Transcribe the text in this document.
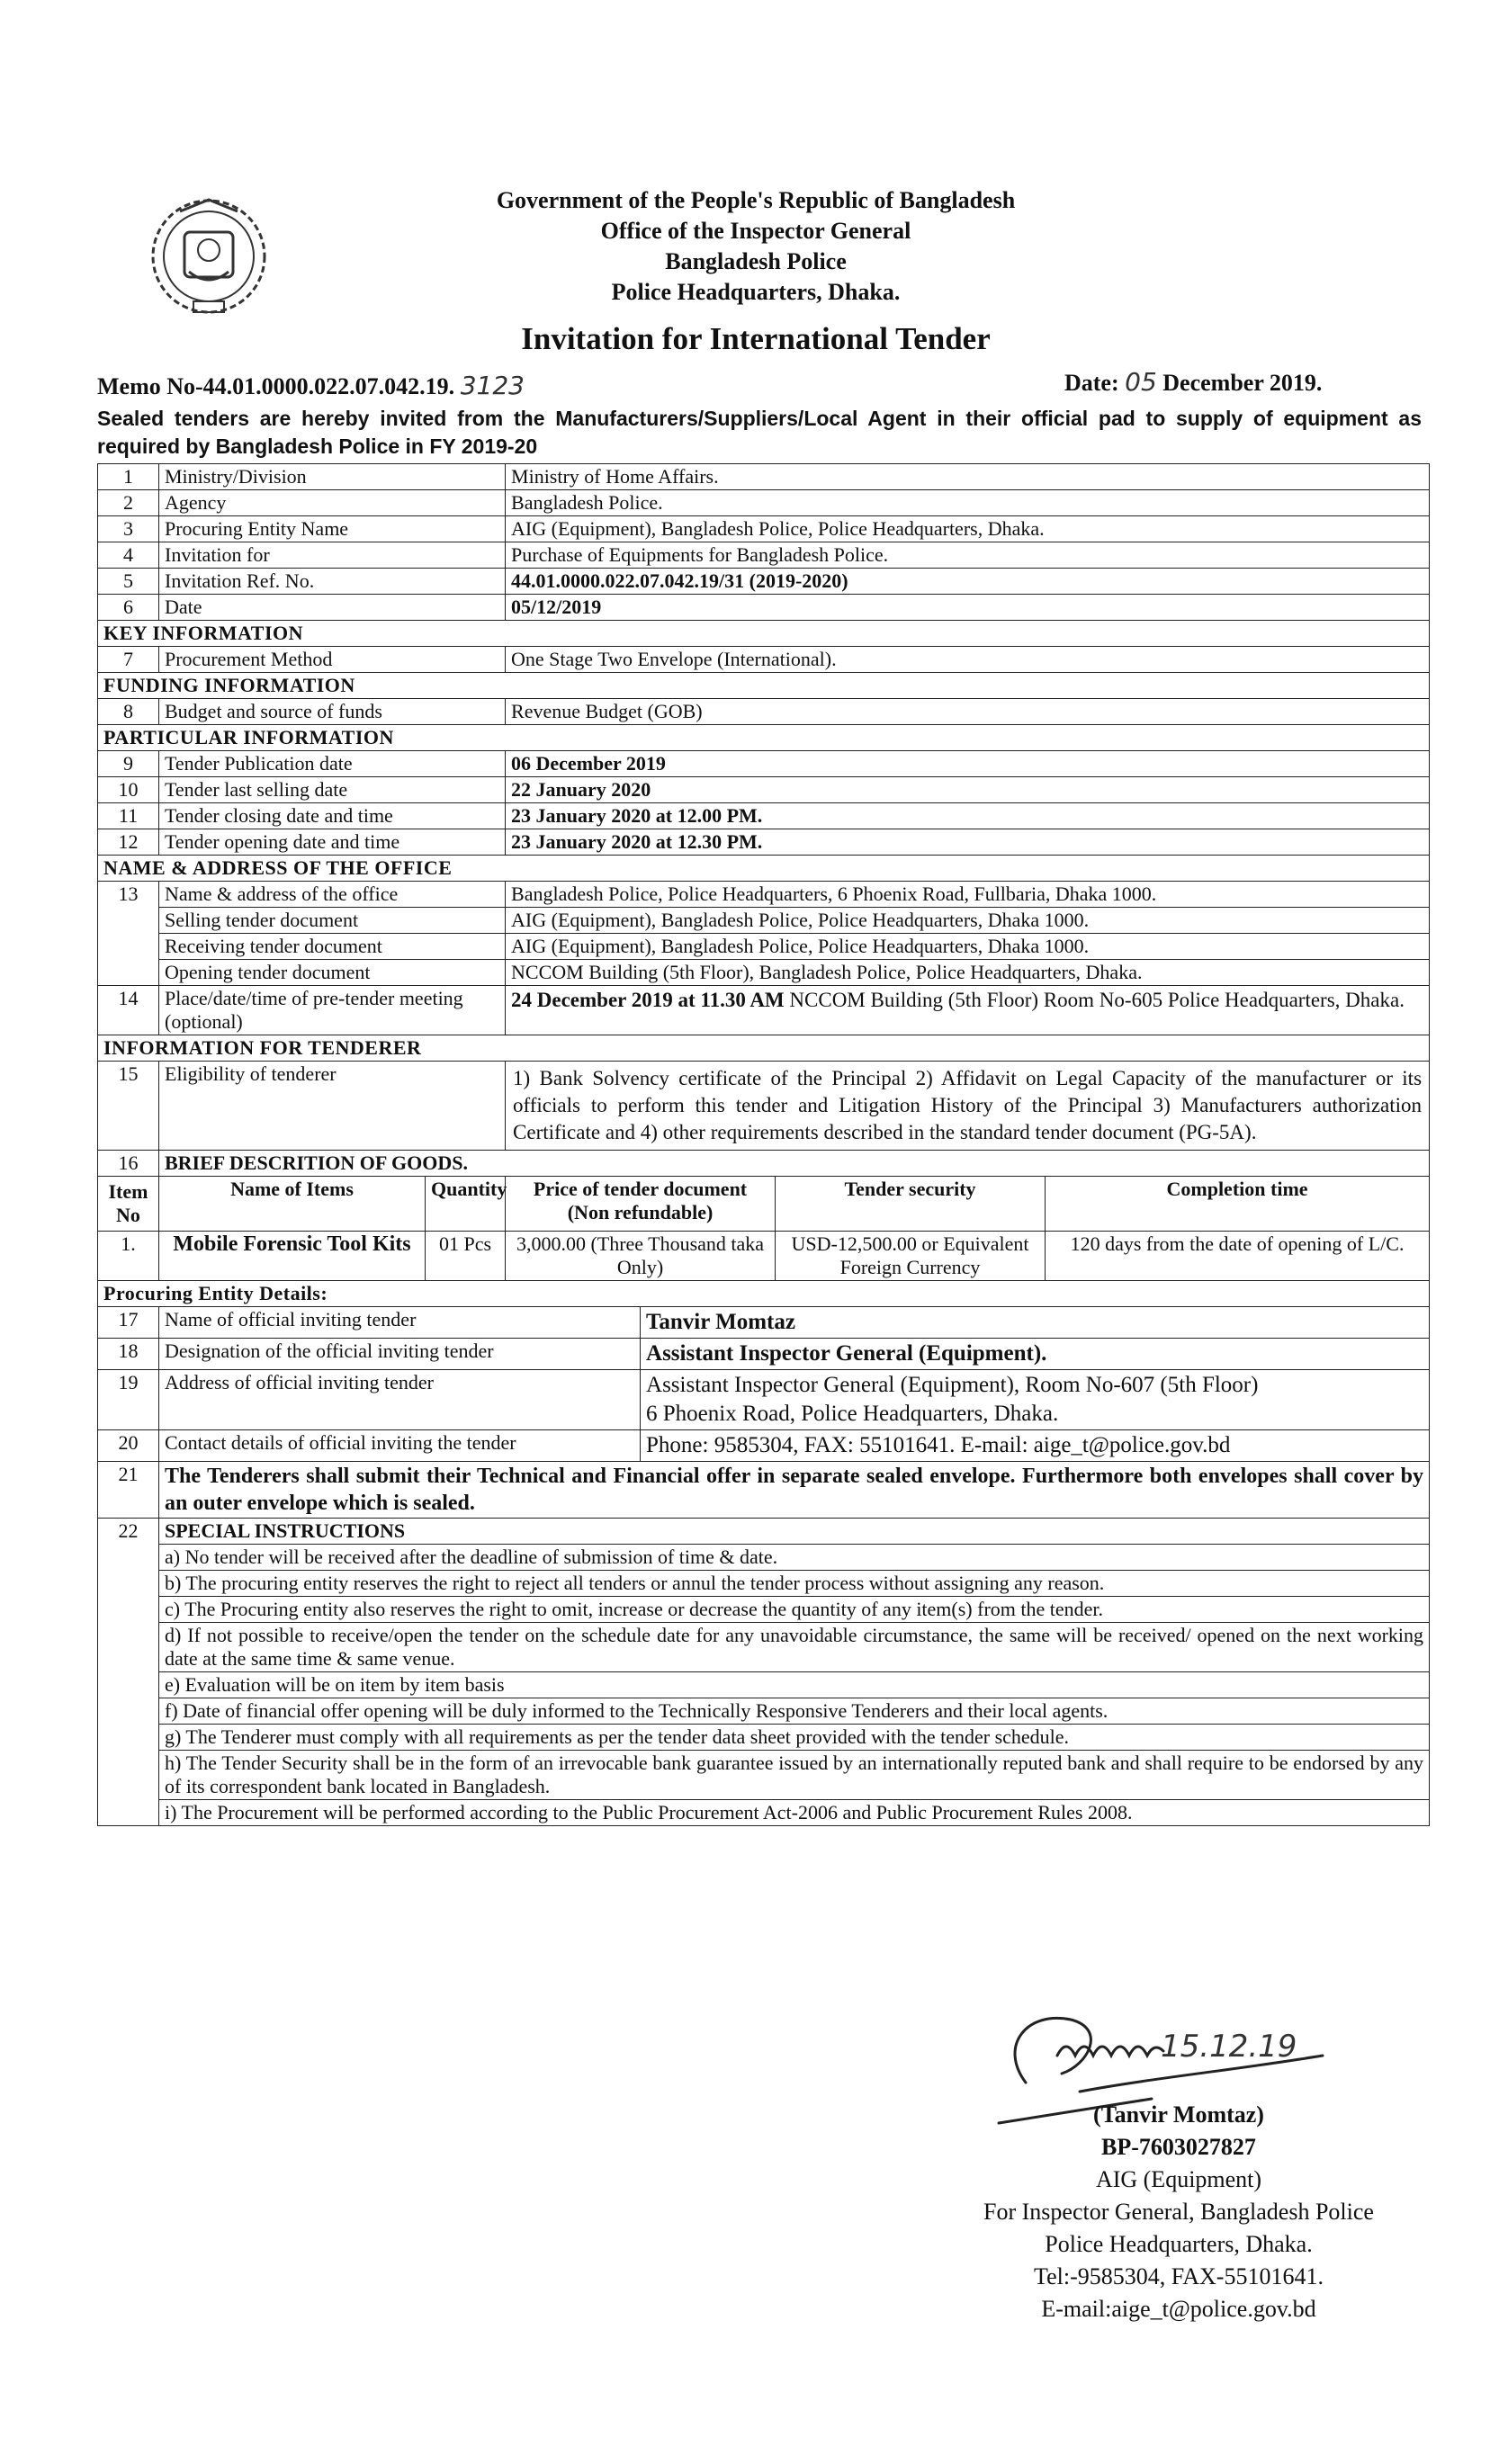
Government of the People's Republic of Bangladesh
Office of the Inspector General
Bangladesh Police
Police Headquarters, Dhaka.
Invitation for International Tender
Memo No-44.01.0000.022.07.042.19. 3123	Date: 05 December 2019.
Sealed tenders are hereby invited from the Manufacturers/Suppliers/Local Agent in their official pad to supply of equipment as required by Bangladesh Police in FY 2019-20
1	Ministry/Division		Ministry of Home Affairs.			
2	Agency		Bangladesh Police.			
3	Procuring Entity Name		AIG (Equipment), Bangladesh Police, Police Headquarters, Dhaka.			
4	Invitation for		Purchase of Equipments for Bangladesh Police.			
5	Invitation Ref. No.		44.01.0000.022.07.042.19/31 (2019-2020)			
6	Date		05/12/2019			
KEY INFORMATION						
7	Procurement Method		One Stage Two Envelope (International).			
FUNDING INFORMATION						
8	Budget and source of funds		Revenue Budget (GOB)			
PARTICULAR INFORMATION						
9	Tender Publication date		06 December 2019			
10	Tender last selling date		22 January 2020			
11	Tender closing date and time		23 January 2020 at 12.00 PM.			
12	Tender opening date and time		23 January 2020 at 12.30 PM.			
NAME & ADDRESS OF THE OFFICE						
13	Name & address of the office		Bangladesh Police, Police Headquarters, 6 Phoenix Road, Fullbaria, Dhaka 1000.			
	Selling tender document		AIG (Equipment), Bangladesh Police, Police Headquarters, Dhaka 1000.			
	Receiving tender document		AIG (Equipment), Bangladesh Police, Police Headquarters, Dhaka 1000.			
	Opening tender document		NCCOM Building (5th Floor), Bangladesh Police, Police Headquarters, Dhaka.			
14	Place/date/time of pre-tender meeting (optional)		24 December 2019 at 11.30 AM NCCOM Building (5th Floor) Room No-605 Police Headquarters, Dhaka.			
INFORMATION FOR TENDERER						
15	Eligibility of tenderer		1) Bank Solvency certificate of the Principal 2) Affidavit on Legal Capacity of the manufacturer or its officials to perform this tender and Litigation History of the Principal 3) Manufacturers authorization Certificate and 4) other requirements described in the standard tender document (PG-5A).			
16	BRIEF DESCRITION OF GOODS.					
Item No	Name of Items	Quantity	Price of tender document (Non refundable)		Tender security	Completion time
1.	Mobile Forensic Tool Kits	01 Pcs	3,000.00 (Three Thousand taka Only)		USD-12,500.00 or Equivalent Foreign Currency	120 days from the date of opening of L/C.
Procuring Entity Details:						
17	Name of official inviting tender			Tanvir Momtaz		
18	Designation of the official inviting tender			Assistant Inspector General (Equipment).		
19	Address of official inviting tender			Assistant Inspector General (Equipment), Room No-607 (5th Floor)
6 Phoenix Road, Police Headquarters, Dhaka.		

20	Contact details of official inviting the tender			Phone: 9585304, FAX: 55101641. E-mail: aige_t@police.gov.bd		
21	The Tenderers shall submit their Technical and Financial offer in separate sealed envelope. Furthermore both envelopes shall cover by an outer envelope which is sealed.					
22	SPECIAL INSTRUCTIONS					
	a) No tender will be received after the deadline of submission of time & date.					
	b) The procuring entity reserves the right to reject all tenders or annul the tender process without assigning any reason.					
	c) The Procuring entity also reserves the right to omit, increase or decrease the quantity of any item(s) from the tender.					
	d) If not possible to receive/open the tender on the schedule date for any unavoidable circumstance, the same will be received/ opened on the next working date at the same time & same venue.					
	e) Evaluation will be on item by item basis					
	f) Date of financial offer opening will be duly informed to the Technically Responsive Tenderers and their local agents.					
	g) The Tenderer must comply with all requirements as per the tender data sheet provided with the tender schedule.					
	h) The Tender Security shall be in the form of an irrevocable bank guarantee issued by an internationally reputed bank and shall require to be endorsed by any of its correspondent bank located in Bangladesh.					
	i) The Procurement will be performed according to the Public Procurement Act-2006 and Public Procurement Rules 2008.					
15.12.19
(Tanvir Momtaz)
BP-7603027827
AIG (Equipment)
For Inspector General, Bangladesh Police
Police Headquarters, Dhaka.
Tel:-9585304, FAX-55101641.
E-mail:aige_t@police.gov.bd
